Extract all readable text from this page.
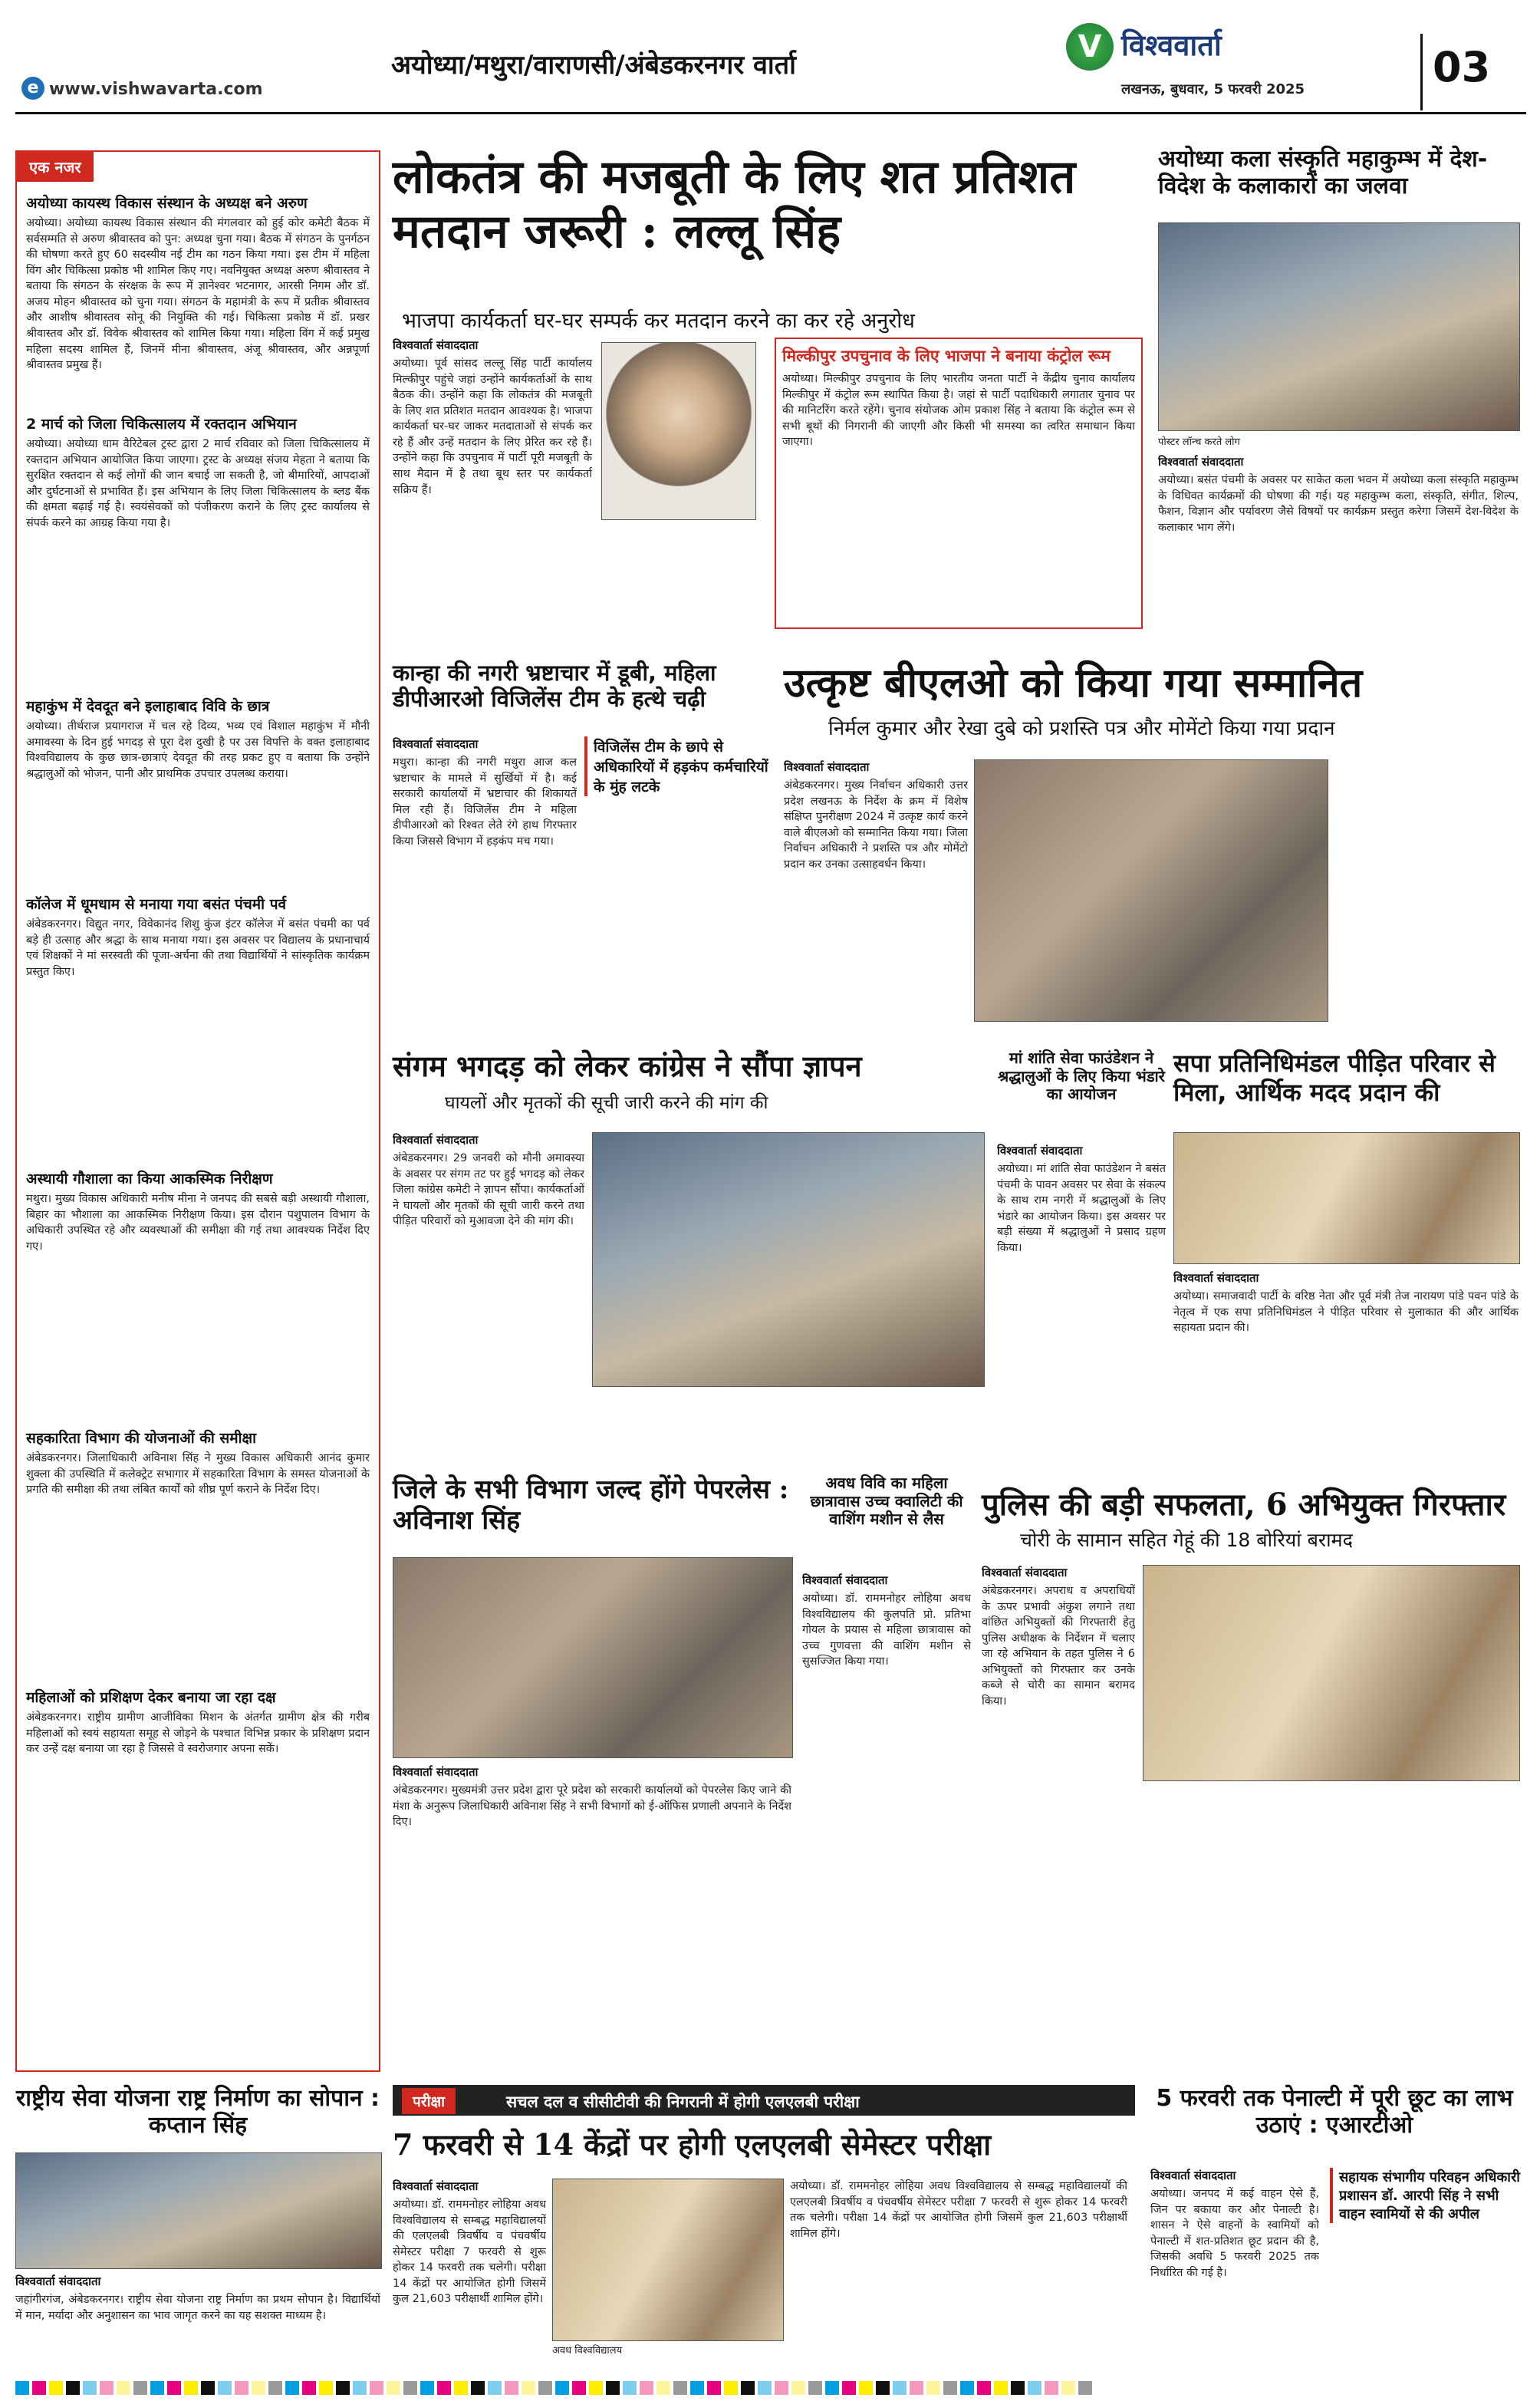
e www.vishwavarta.com
अयोध्या/मथुरा/वाराणसी/अंबेडकरनगर वार्ता
V विश्ववार्ता
लखनऊ, बुधवार, 5 फरवरी 2025	03
एक नजर
अयोध्या कायस्थ विकास संस्थान के अध्यक्ष बने अरुण
अयोध्या। अयोध्या कायस्थ विकास संस्थान की मंगलवार को हुई कोर कमेटी बैठक में सर्वसम्मति से अरुण श्रीवास्तव को पुन: अध्यक्ष चुना गया। बैठक में संगठन के पुनर्गठन की घोषणा करते हुए 60 सदस्यीय नई टीम का गठन किया गया। इस टीम में महिला विंग और चिकित्सा प्रकोष्ठ भी शामिल किए गए। नवनियुक्त अध्यक्ष अरुण श्रीवास्तव ने बताया कि संगठन के संरक्षक के रूप में ज्ञानेश्वर भटनागर, आरसी निगम और डॉ. अजय मोहन श्रीवास्तव को चुना गया। संगठन के महामंत्री के रूप में प्रतीक श्रीवास्तव और आशीष श्रीवास्तव सोनू की नियुक्ति की गई। चिकित्सा प्रकोष्ठ में डॉ. प्रखर श्रीवास्तव और डॉ. विवेक श्रीवास्तव को शामिल किया गया। महिला विंग में कई प्रमुख महिला सदस्य शामिल हैं, जिनमें मीना श्रीवास्तव, अंजू श्रीवास्तव, और अन्नपूर्णा श्रीवास्तव प्रमुख हैं।
2 मार्च को जिला चिकित्सालय में रक्तदान अभियान
अयोध्या। अयोध्या धाम वैरिटेबल ट्रस्ट द्वारा 2 मार्च रविवार को जिला चिकित्सालय में रक्तदान अभियान आयोजित किया जाएगा। ट्रस्ट के अध्यक्ष संजय मेहता ने बताया कि सुरक्षित रक्तदान से कई लोगों की जान बचाई जा सकती है, जो बीमारियों, आपदाओं और दुर्घटनाओं से प्रभावित हैं। इस अभियान के लिए जिला चिकित्सालय के ब्लड बैंक की क्षमता बढ़ाई गई है। स्वयंसेवकों को पंजीकरण कराने के लिए ट्रस्ट कार्यालय से संपर्क करने का आग्रह किया गया है।
महाकुंभ में देवदूत बने इलाहाबाद विवि के छात्र
अयोध्या। तीर्थराज प्रयागराज में चल रहे दिव्य, भव्य एवं विशाल महाकुंभ में मौनी अमावस्या के दिन हुई भगदड़ से पूरा देश दुखी है पर उस विपत्ति के वक्त इलाहाबाद विश्वविद्यालय के कुछ छात्र-छात्राएं देवदूत की तरह प्रकट हुए व बताया कि उन्होंने श्रद्धालुओं को भोजन, पानी और प्राथमिक उपचार उपलब्ध कराया।
कॉलेज में धूमधाम से मनाया गया बसंत पंचमी पर्व
अंबेडकरनगर। विद्युत नगर, विवेकानंद शिशु कुंज इंटर कॉलेज में बसंत पंचमी का पर्व बड़े ही उत्साह और श्रद्धा के साथ मनाया गया। इस अवसर पर विद्यालय के प्रधानाचार्य एवं शिक्षकों ने मां सरस्वती की पूजा-अर्चना की तथा विद्यार्थियों ने सांस्कृतिक कार्यक्रम प्रस्तुत किए।
अस्थायी गौशाला का किया आकस्मिक निरीक्षण
मथुरा। मुख्य विकास अधिकारी मनीष मीना ने जनपद की सबसे बड़ी अस्थायी गौशाला, बिहार का भौशाला का आकस्मिक निरीक्षण किया। इस दौरान पशुपालन विभाग के अधिकारी उपस्थित रहे और व्यवस्थाओं की समीक्षा की गई तथा आवश्यक निर्देश दिए गए।
सहकारिता विभाग की योजनाओं की समीक्षा
अंबेडकरनगर। जिलाधिकारी अविनाश सिंह ने मुख्य विकास अधिकारी आनंद कुमार शुक्ला की उपस्थिति में कलेक्ट्रेट सभागार में सहकारिता विभाग के समस्त योजनाओं के प्रगति की समीक्षा की तथा लंबित कार्यों को शीघ्र पूर्ण कराने के निर्देश दिए।
महिलाओं को प्रशिक्षण देकर बनाया जा रहा दक्ष
अंबेडकरनगर। राष्ट्रीय ग्रामीण आजीविका मिशन के अंतर्गत ग्रामीण क्षेत्र की गरीब महिलाओं को स्वयं सहायता समूह से जोड़ने के पश्चात विभिन्न प्रकार के प्रशिक्षण प्रदान कर उन्हें दक्ष बनाया जा रहा है जिससे वे स्वरोजगार अपना सकें।
लोकतंत्र की मजबूती के लिए शत प्रतिशत मतदान जरूरी : लल्लू सिंह
भाजपा कार्यकर्ता घर-घर सम्पर्क कर मतदान करने का कर रहे अनुरोध
विश्ववार्ता संवाददाता
अयोध्या। पूर्व सांसद लल्लू सिंह पार्टी कार्यालय मिल्कीपुर पहुंचे जहां उन्होंने कार्यकर्ताओं के साथ बैठक की। उन्होंने कहा कि लोकतंत्र की मजबूती के लिए शत प्रतिशत मतदान आवश्यक है। भाजपा कार्यकर्ता घर-घर जाकर मतदाताओं से संपर्क कर रहे हैं और उन्हें मतदान के लिए प्रेरित कर रहे हैं। उन्होंने कहा कि उपचुनाव में पार्टी पूरी मजबूती के साथ मैदान में है तथा बूथ स्तर पर कार्यकर्ता सक्रिय हैं।
मिल्कीपुर उपचुनाव के लिए भाजपा ने बनाया कंट्रोल रूम
अयोध्या। मिल्कीपुर उपचुनाव के लिए भारतीय जनता पार्टी ने केंद्रीय चुनाव कार्यालय मिल्कीपुर में कंट्रोल रूम स्थापित किया है। जहां से पार्टी पदाधिकारी लगातार चुनाव पर की मानिटरिंग करते रहेंगे। चुनाव संयोजक ओम प्रकाश सिंह ने बताया कि कंट्रोल रूम से सभी बूथों की निगरानी की जाएगी और किसी भी समस्या का त्वरित समाधान किया जाएगा।
अयोध्या कला संस्कृति महाकुम्भ में देश-विदेश के कलाकारों का जलवा
पोस्टर लॉन्च करते लोग
विश्ववार्ता संवाददाता
अयोध्या। बसंत पंचमी के अवसर पर साकेत कला भवन में अयोध्या कला संस्कृति महाकुम्भ के विधिवत कार्यक्रमों की घोषणा की गई। यह महाकुम्भ कला, संस्कृति, संगीत, शिल्प, फैशन, विज्ञान और पर्यावरण जैसे विषयों पर कार्यक्रम प्रस्तुत करेगा जिसमें देश-विदेश के कलाकार भाग लेंगे।
कान्हा की नगरी भ्रष्टाचार में डूबी, महिला डीपीआरओ विजिलेंस टीम के हत्थे चढ़ी
विजिलेंस टीम के छापे से अधिकारियों में हड़कंप कर्मचारियों के मुंह लटके
विश्ववार्ता संवाददाता
मथुरा। कान्हा की नगरी मथुरा आज कल भ्रष्टाचार के मामले में सुर्खियों में है। कई सरकारी कार्यालयों में भ्रष्टाचार की शिकायतें मिल रही हैं। विजिलेंस टीम ने महिला डीपीआरओ को रिश्वत लेते रंगे हाथ गिरफ्तार किया जिससे विभाग में हड़कंप मच गया।
उत्कृष्ट बीएलओ को किया गया सम्मानित
निर्मल कुमार और रेखा दुबे को प्रशस्ति पत्र और मोमेंटो किया गया प्रदान
विश्ववार्ता संवाददाता
अंबेडकरनगर। मुख्य निर्वाचन अधिकारी उत्तर प्रदेश लखनऊ के निर्देश के क्रम में विशेष संक्षिप्त पुनरीक्षण 2024 में उत्कृष्ट कार्य करने वाले बीएलओ को सम्मानित किया गया। जिला निर्वाचन अधिकारी ने प्रशस्ति पत्र और मोमेंटो प्रदान कर उनका उत्साहवर्धन किया।
संगम भगदड़ को लेकर कांग्रेस ने सौंपा ज्ञापन
घायलों और मृतकों की सूची जारी करने की मांग की
विश्ववार्ता संवाददाता
अंबेडकरनगर। 29 जनवरी को मौनी अमावस्या के अवसर पर संगम तट पर हुई भगदड़ को लेकर जिला कांग्रेस कमेटी ने ज्ञापन सौंपा। कार्यकर्ताओं ने घायलों और मृतकों की सूची जारी करने तथा पीड़ित परिवारों को मुआवजा देने की मांग की।
मां शांति सेवा फाउंडेशन ने श्रद्धालुओं के लिए किया भंडारे का आयोजन
विश्ववार्ता संवाददाता
अयोध्या। मां शांति सेवा फाउंडेशन ने बसंत पंचमी के पावन अवसर पर सेवा के संकल्प के साथ राम नगरी में श्रद्धालुओं के लिए भंडारे का आयोजन किया। इस अवसर पर बड़ी संख्या में श्रद्धालुओं ने प्रसाद ग्रहण किया।
सपा प्रतिनिधिमंडल पीड़ित परिवार से मिला, आर्थिक मदद प्रदान की
विश्ववार्ता संवाददाता
अयोध्या। समाजवादी पार्टी के वरिष्ठ नेता और पूर्व मंत्री तेज नारायण पांडे पवन पांडे के नेतृत्व में एक सपा प्रतिनिधिमंडल ने पीड़ित परिवार से मुलाकात की और आर्थिक सहायता प्रदान की।
जिले के सभी विभाग जल्द होंगे पेपरलेस : अविनाश सिंह
विश्ववार्ता संवाददाता
अंबेडकरनगर। मुख्यमंत्री उत्तर प्रदेश द्वारा पूरे प्रदेश को सरकारी कार्यालयों को पेपरलेस किए जाने की मंशा के अनुरूप जिलाधिकारी अविनाश सिंह ने सभी विभागों को ई-ऑफिस प्रणाली अपनाने के निर्देश दिए।
अवध विवि का महिला छात्रावास उच्च क्वालिटी की वाशिंग मशीन से लैस
विश्ववार्ता संवाददाता
अयोध्या। डॉ. राममनोहर लोहिया अवध विश्वविद्यालय की कुलपति प्रो. प्रतिभा गोयल के प्रयास से महिला छात्रावास को उच्च गुणवत्ता की वाशिंग मशीन से सुसज्जित किया गया।
पुलिस की बड़ी सफलता, 6 अभियुक्त गिरफ्तार
चोरी के सामान सहित गेहूं की 18 बोरियां बरामद
विश्ववार्ता संवाददाता
अंबेडकरनगर। अपराध व अपराधियों के ऊपर प्रभावी अंकुश लगाने तथा वांछित अभियुक्तों की गिरफ्तारी हेतु पुलिस अधीक्षक के निर्देशन में चलाए जा रहे अभियान के तहत पुलिस ने 6 अभियुक्तों को गिरफ्तार कर उनके कब्जे से चोरी का सामान बरामद किया।
राष्ट्रीय सेवा योजना राष्ट्र निर्माण का सोपान : कप्तान सिंह
विश्ववार्ता संवाददाता
जहांगीरगंज, अंबेडकरनगर। राष्ट्रीय सेवा योजना राष्ट्र निर्माण का प्रथम सोपान है। विद्यार्थियों में मान, मर्यादा और अनुशासन का भाव जागृत करने का यह सशक्त माध्यम है।
परीक्षा	सचल दल व सीसीटीवी की निगरानी में होगी एलएलबी परीक्षा
7 फरवरी से 14 केंद्रों पर होगी एलएलबी सेमेस्टर परीक्षा
विश्ववार्ता संवाददाता
अयोध्या। डॉ. राममनोहर लोहिया अवध विश्वविद्यालय से सम्बद्ध महाविद्यालयों की एलएलबी त्रिवर्षीय व पंचवर्षीय सेमेस्टर परीक्षा 7 फरवरी से शुरू होकर 14 फरवरी तक चलेगी। परीक्षा 14 केंद्रों पर आयोजित होगी जिसमें कुल 21,603 परीक्षार्थी शामिल होंगे।
अवध विश्वविद्यालय
अयोध्या। डॉ. राममनोहर लोहिया अवध विश्वविद्यालय से सम्बद्ध महाविद्यालयों की एलएलबी त्रिवर्षीय व पंचवर्षीय सेमेस्टर परीक्षा 7 फरवरी से शुरू होकर 14 फरवरी तक चलेगी। परीक्षा 14 केंद्रों पर आयोजित होगी जिसमें कुल 21,603 परीक्षार्थी शामिल होंगे।
5 फरवरी तक पेनाल्टी में पूरी छूट का लाभ उठाएं : एआरटीओ
विश्ववार्ता संवाददाता
अयोध्या। जनपद में कई वाहन ऐसे हैं, जिन पर बकाया कर और पेनाल्टी है। शासन ने ऐसे वाहनों के स्वामियों को पेनाल्टी में शत-प्रतिशत छूट प्रदान की है, जिसकी अवधि 5 फरवरी 2025 तक निर्धारित की गई है।
सहायक संभागीय परिवहन अधिकारी प्रशासन डॉ. आरपी सिंह ने सभी वाहन स्वामियों से की अपील
